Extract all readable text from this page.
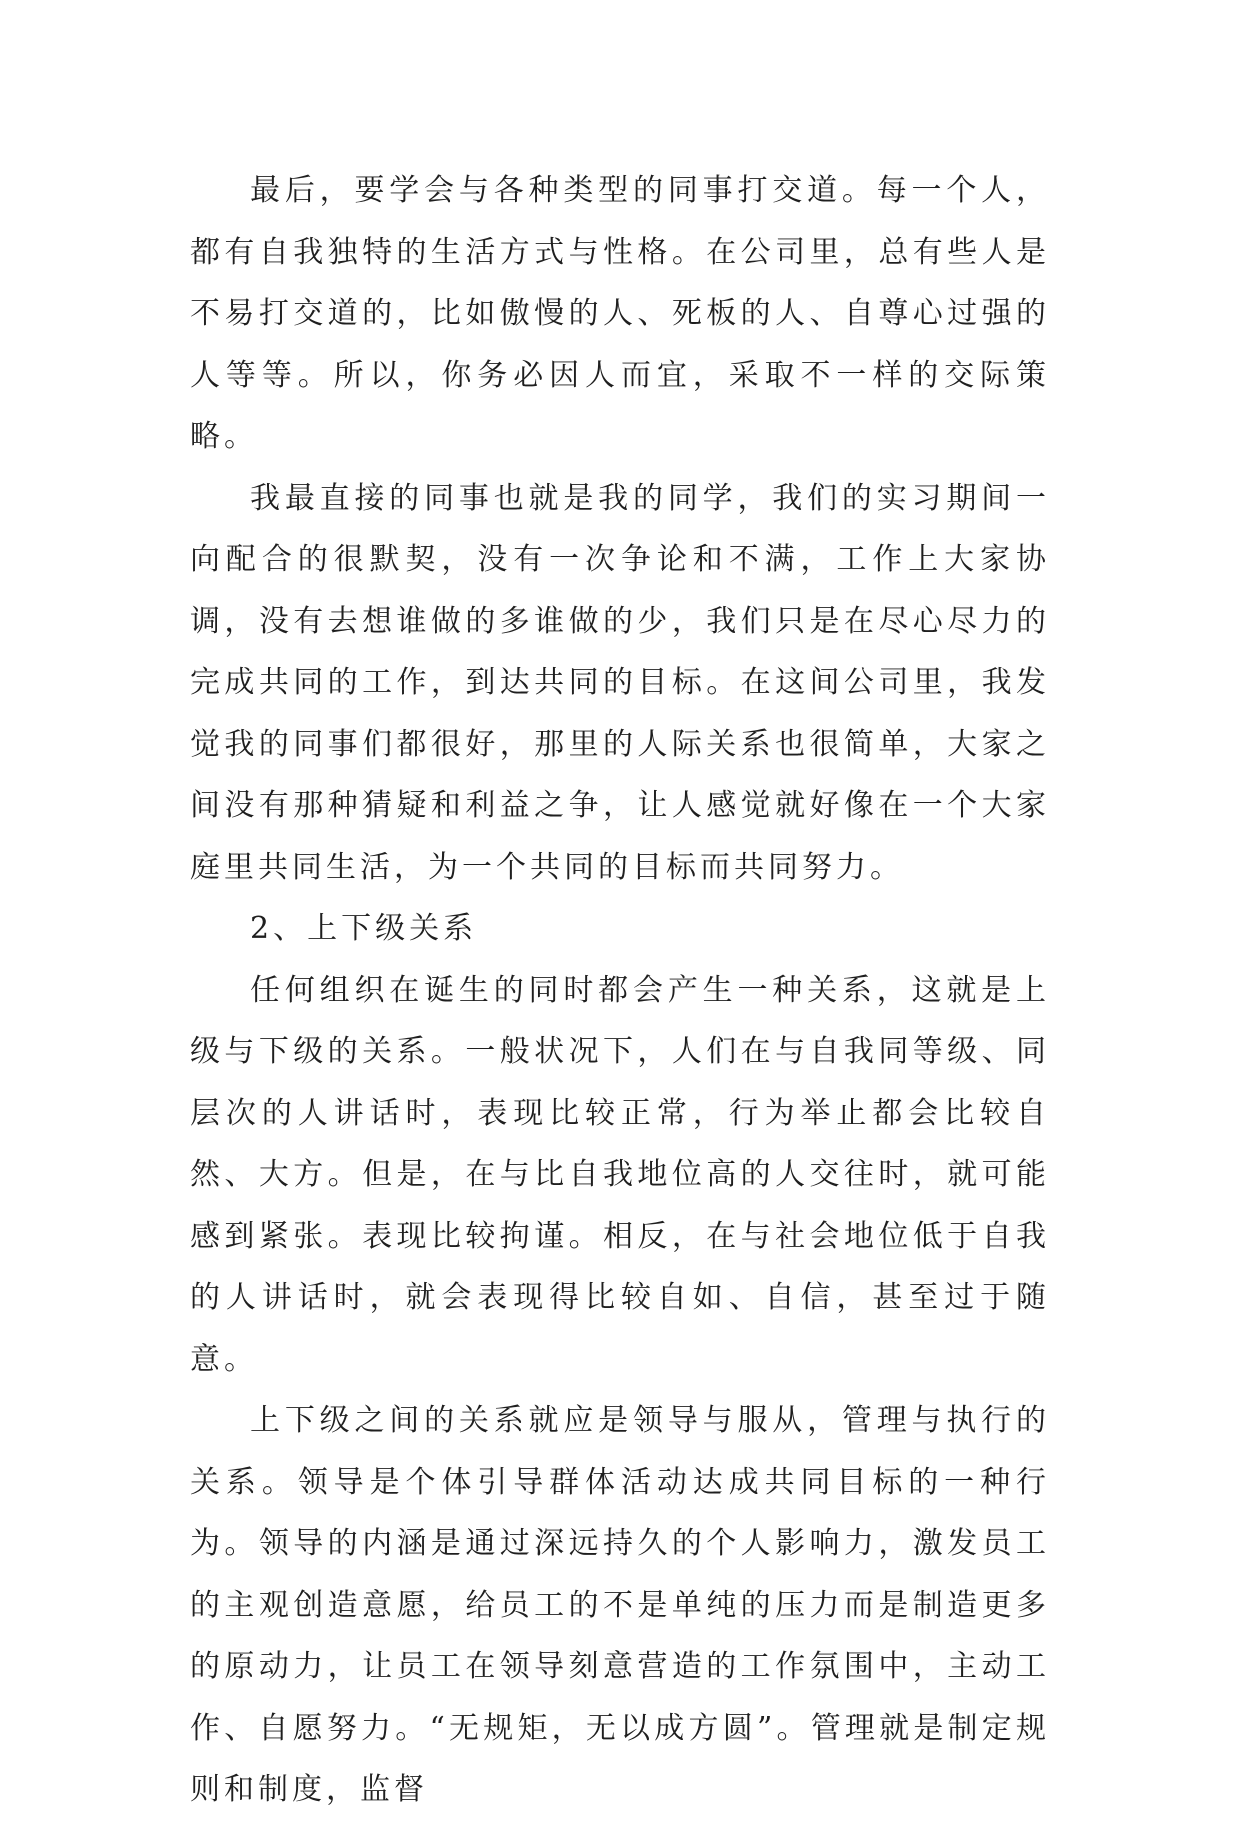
最后，要学会与各种类型的同事打交道。每一个人，都有自我独特的生活方式与性格。在公司里，总有些人是不易打交道的，比如傲慢的人、死板的人、自尊心过强的人等等。所以，你务必因人而宜，采取不一样的交际策略。

我最直接的同事也就是我的同学，我们的实习期间一向配合的很默契，没有一次争论和不满，工作上大家协调，没有去想谁做的多谁做的少，我们只是在尽心尽力的完成共同的工作，到达共同的目标。在这间公司里，我发觉我的同事们都很好，那里的人际关系也很简单，大家之间没有那种猜疑和利益之争，让人感觉就好像在一个大家庭里共同生活，为一个共同的目标而共同努力。

2、上下级关系

任何组织在诞生的同时都会产生一种关系，这就是上级与下级的关系。一般状况下，人们在与自我同等级、同层次的人讲话时，表现比较正常，行为举止都会比较自然、大方。但是，在与比自我地位高的人交往时，就可能感到紧张。表现比较拘谨。相反，在与社会地位低于自我的人讲话时，就会表现得比较自如、自信，甚至过于随意。

上下级之间的关系就应是领导与服从，管理与执行的关系。领导是个体引导群体活动达成共同目标的一种行为。领导的内涵是通过深远持久的个人影响力，激发员工的主观创造意愿，给员工的不是单纯的压力而是制造更多的原动力，让员工在领导刻意营造的工作氛围中，主动工作、自愿努力。“无规矩，无以成方圆”。管理就是制定规则和制度，监督
